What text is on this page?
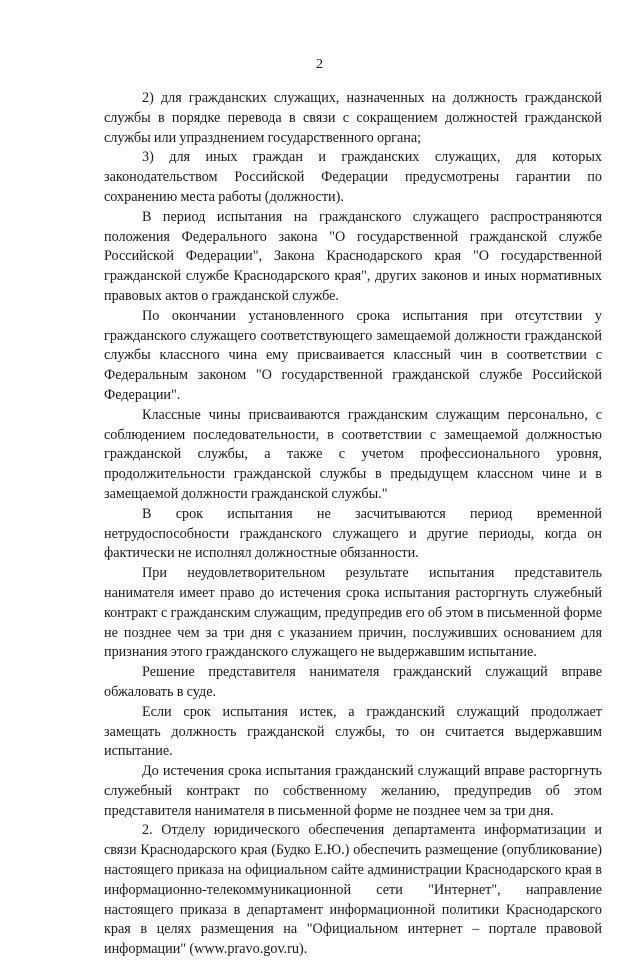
2

2) для гражданских служащих, назначенных на должность гражданской службы в порядке перевода в связи с сокращением должностей гражданской службы или упразднением государственного органа;

3) для иных граждан и гражданских служащих, для которых законодательством Российской Федерации предусмотрены гарантии по сохранению места работы (должности).

В период испытания на гражданского служащего распространяются положения Федерального закона "О государственной гражданской службе Российской Федерации", Закона Краснодарского края "О государственной гражданской службе Краснодарского края", других законов и иных нормативных правовых актов о гражданской службе.

По окончании установленного срока испытания при отсутствии у гражданского служащего соответствующего замещаемой должности гражданской службы классного чина ему присваивается классный чин в соответствии с Федеральным законом "О государственной гражданской службе Российской Федерации".

Классные чины присваиваются гражданским служащим персонально, с соблюдением последовательности, в соответствии с замещаемой должностью гражданской службы, а также с учетом профессионального уровня, продолжительности гражданской службы в предыдущем классном чине и в замещаемой должности гражданской службы."

В срок испытания не засчитываются период временной нетрудоспособности гражданского служащего и другие периоды, когда он фактически не исполнял должностные обязанности.

При неудовлетворительном результате испытания представитель нанимателя имеет право до истечения срока испытания расторгнуть служебный контракт с гражданским служащим, предупредив его об этом в письменной форме не позднее чем за три дня с указанием причин, послуживших основанием для признания этого гражданского служащего не выдержавшим испытание.

Решение представителя нанимателя гражданский служащий вправе обжаловать в суде.

Если срок испытания истек, а гражданский служащий продолжает замещать должность гражданской службы, то он считается выдержавшим испытание.

До истечения срока испытания гражданский служащий вправе расторгнуть служебный контракт по собственному желанию, предупредив об этом представителя нанимателя в письменной форме не позднее чем за три дня.

2. Отделу юридического обеспечения департамента информатизации и связи Краснодарского края (Будко Е.Ю.) обеспечить размещение (опубликование) настоящего приказа на официальном сайте администрации Краснодарского края в информационно-телекоммуникационной сети "Интернет", направление настоящего приказа в департамент информационной политики Краснодарского края в целях размещения на "Официальном интернет – портале правовой информации" (www.pravo.gov.ru).
